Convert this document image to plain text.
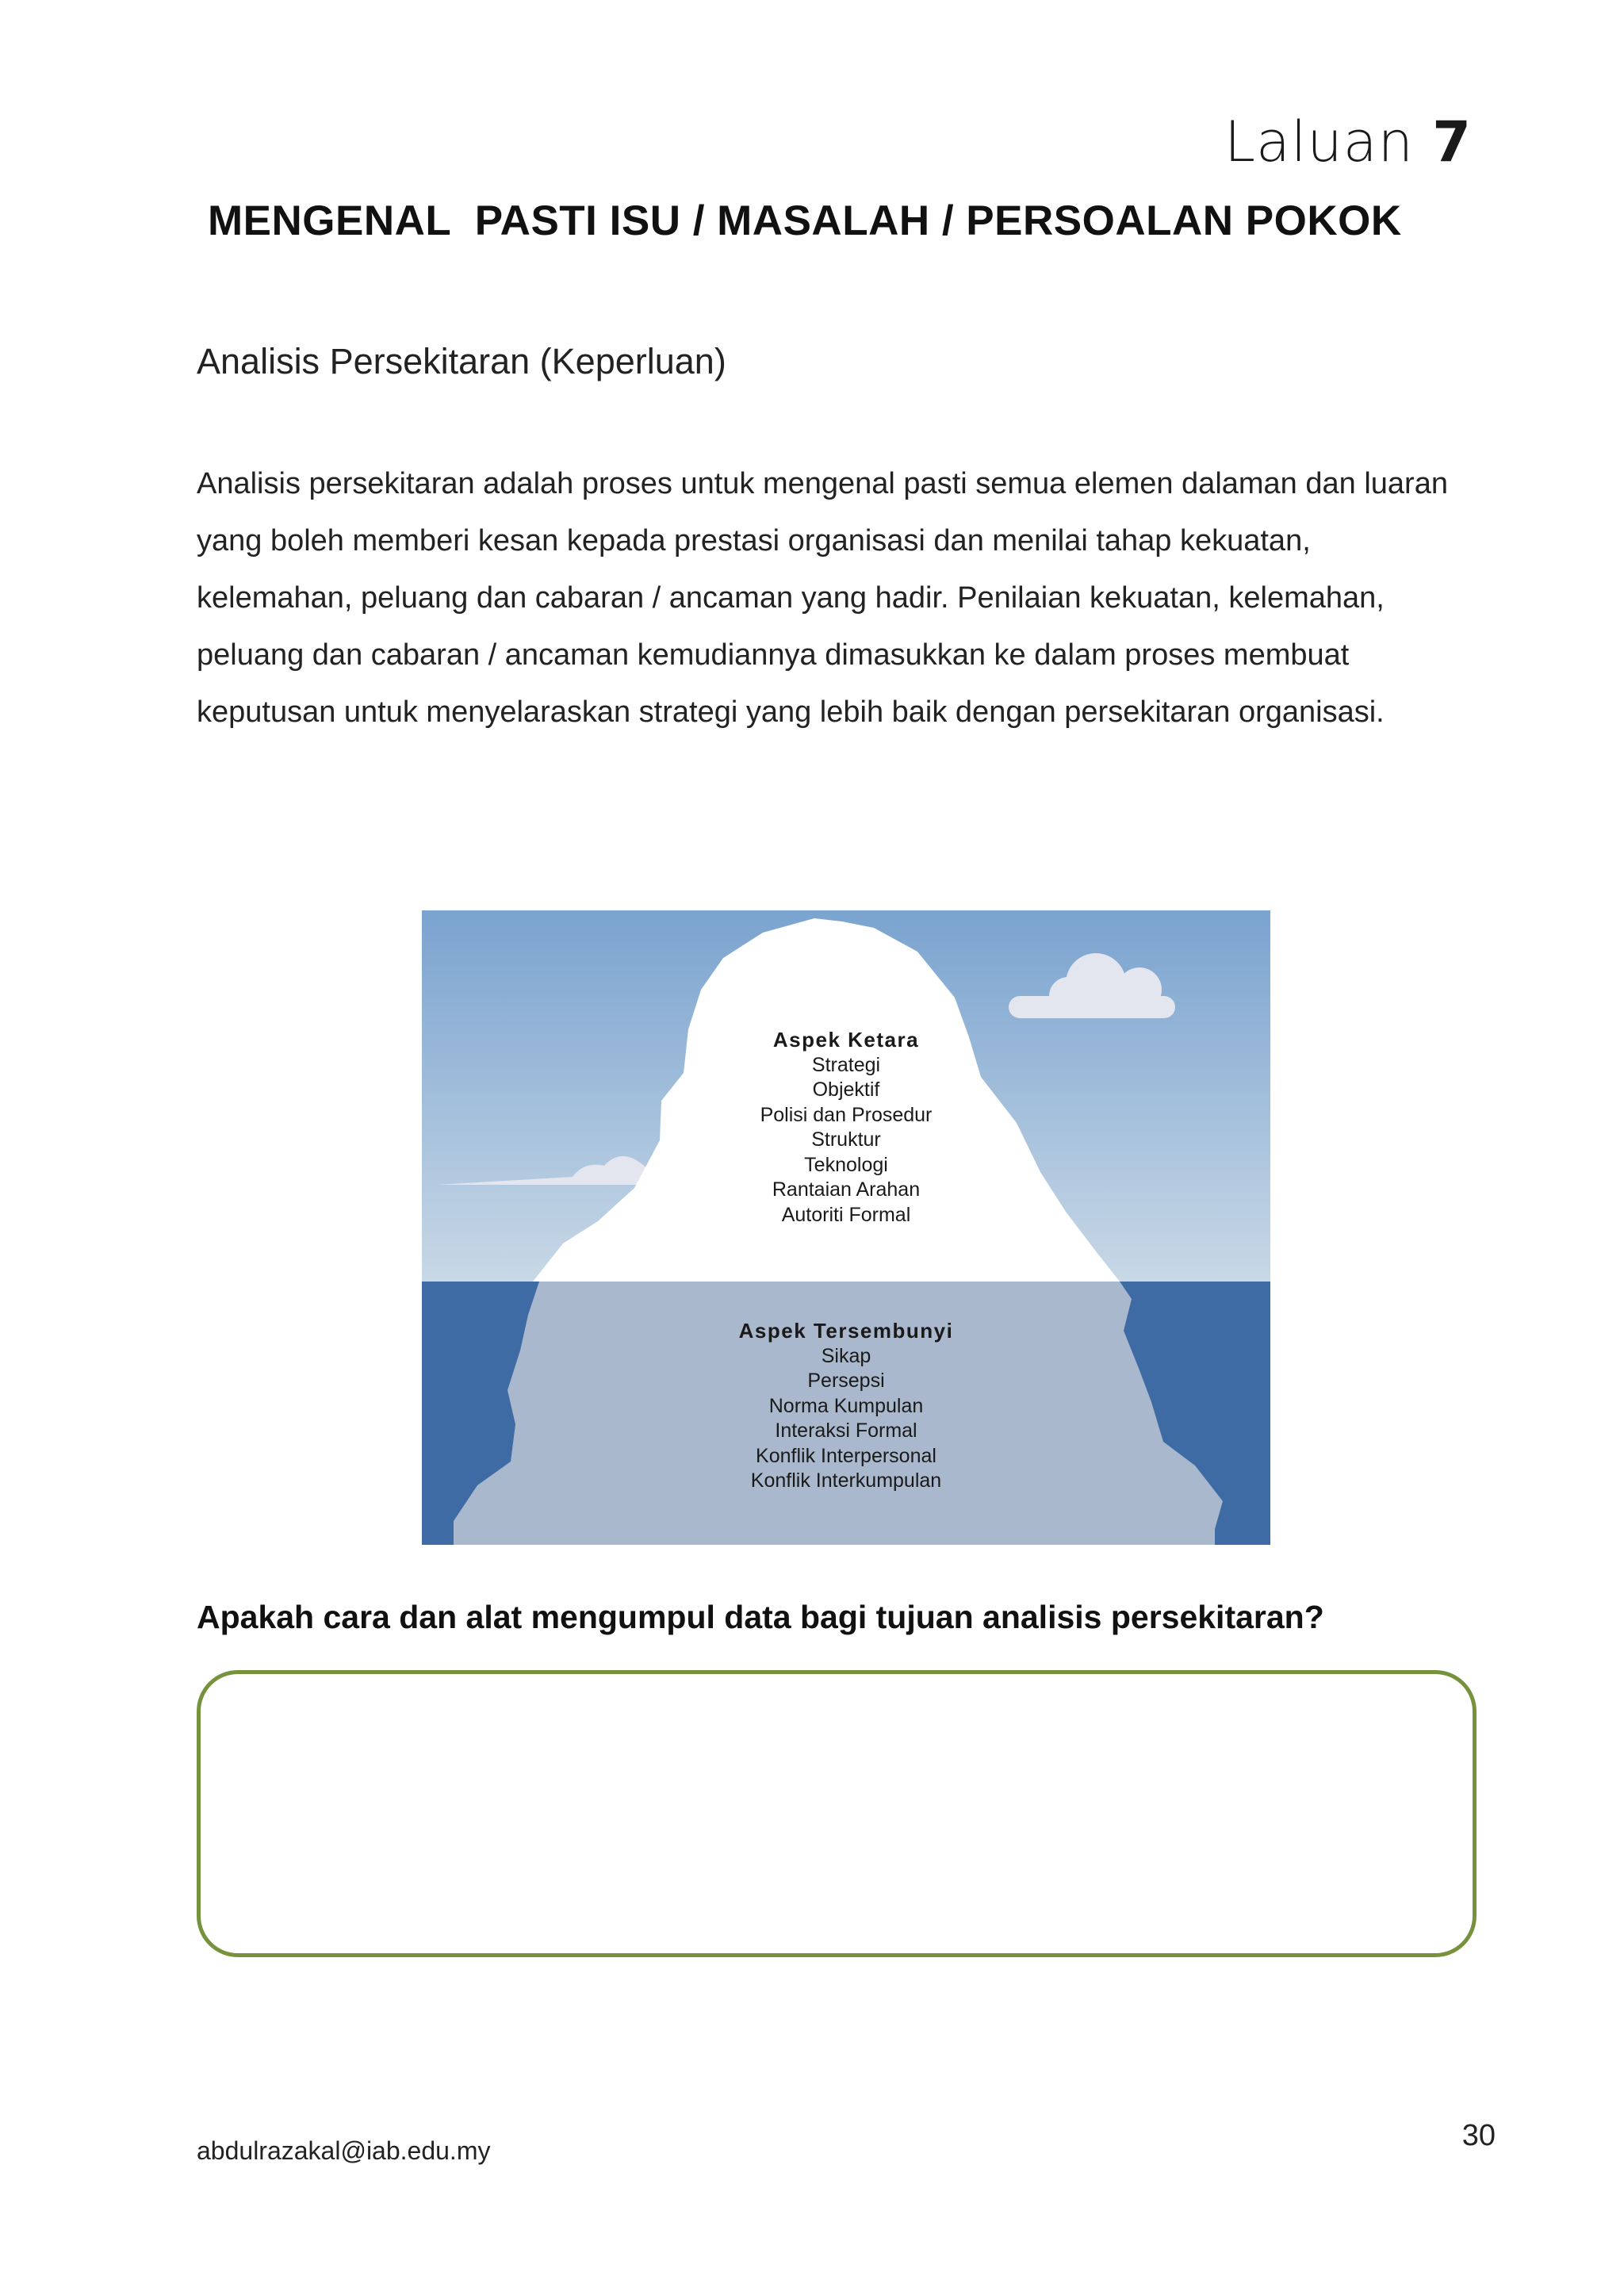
Laluan 7
MENGENAL  PASTI ISU / MASALAH / PERSOALAN POKOK
Analisis Persekitaran (Keperluan)
Analisis persekitaran adalah proses untuk mengenal pasti semua elemen dalaman dan luaran yang boleh memberi kesan kepada prestasi organisasi dan menilai tahap kekuatan, kelemahan, peluang dan cabaran / ancaman yang hadir. Penilaian kekuatan, kelemahan, peluang dan cabaran / ancaman kemudiannya dimasukkan ke dalam proses membuat keputusan untuk menyelaraskan strategi yang lebih baik dengan persekitaran organisasi.
Aspek Ketara
Strategi
Objektif
Polisi dan Prosedur
Struktur
Teknologi
Rantaian Arahan
Autoriti Formal
Aspek Tersembunyi
Sikap
Persepsi
Norma Kumpulan
Interaksi Formal
Konflik Interpersonal
Konflik Interkumpulan
Apakah cara dan alat mengumpul data bagi tujuan analisis persekitaran?
abdulrazakal@iab.edu.my	30
